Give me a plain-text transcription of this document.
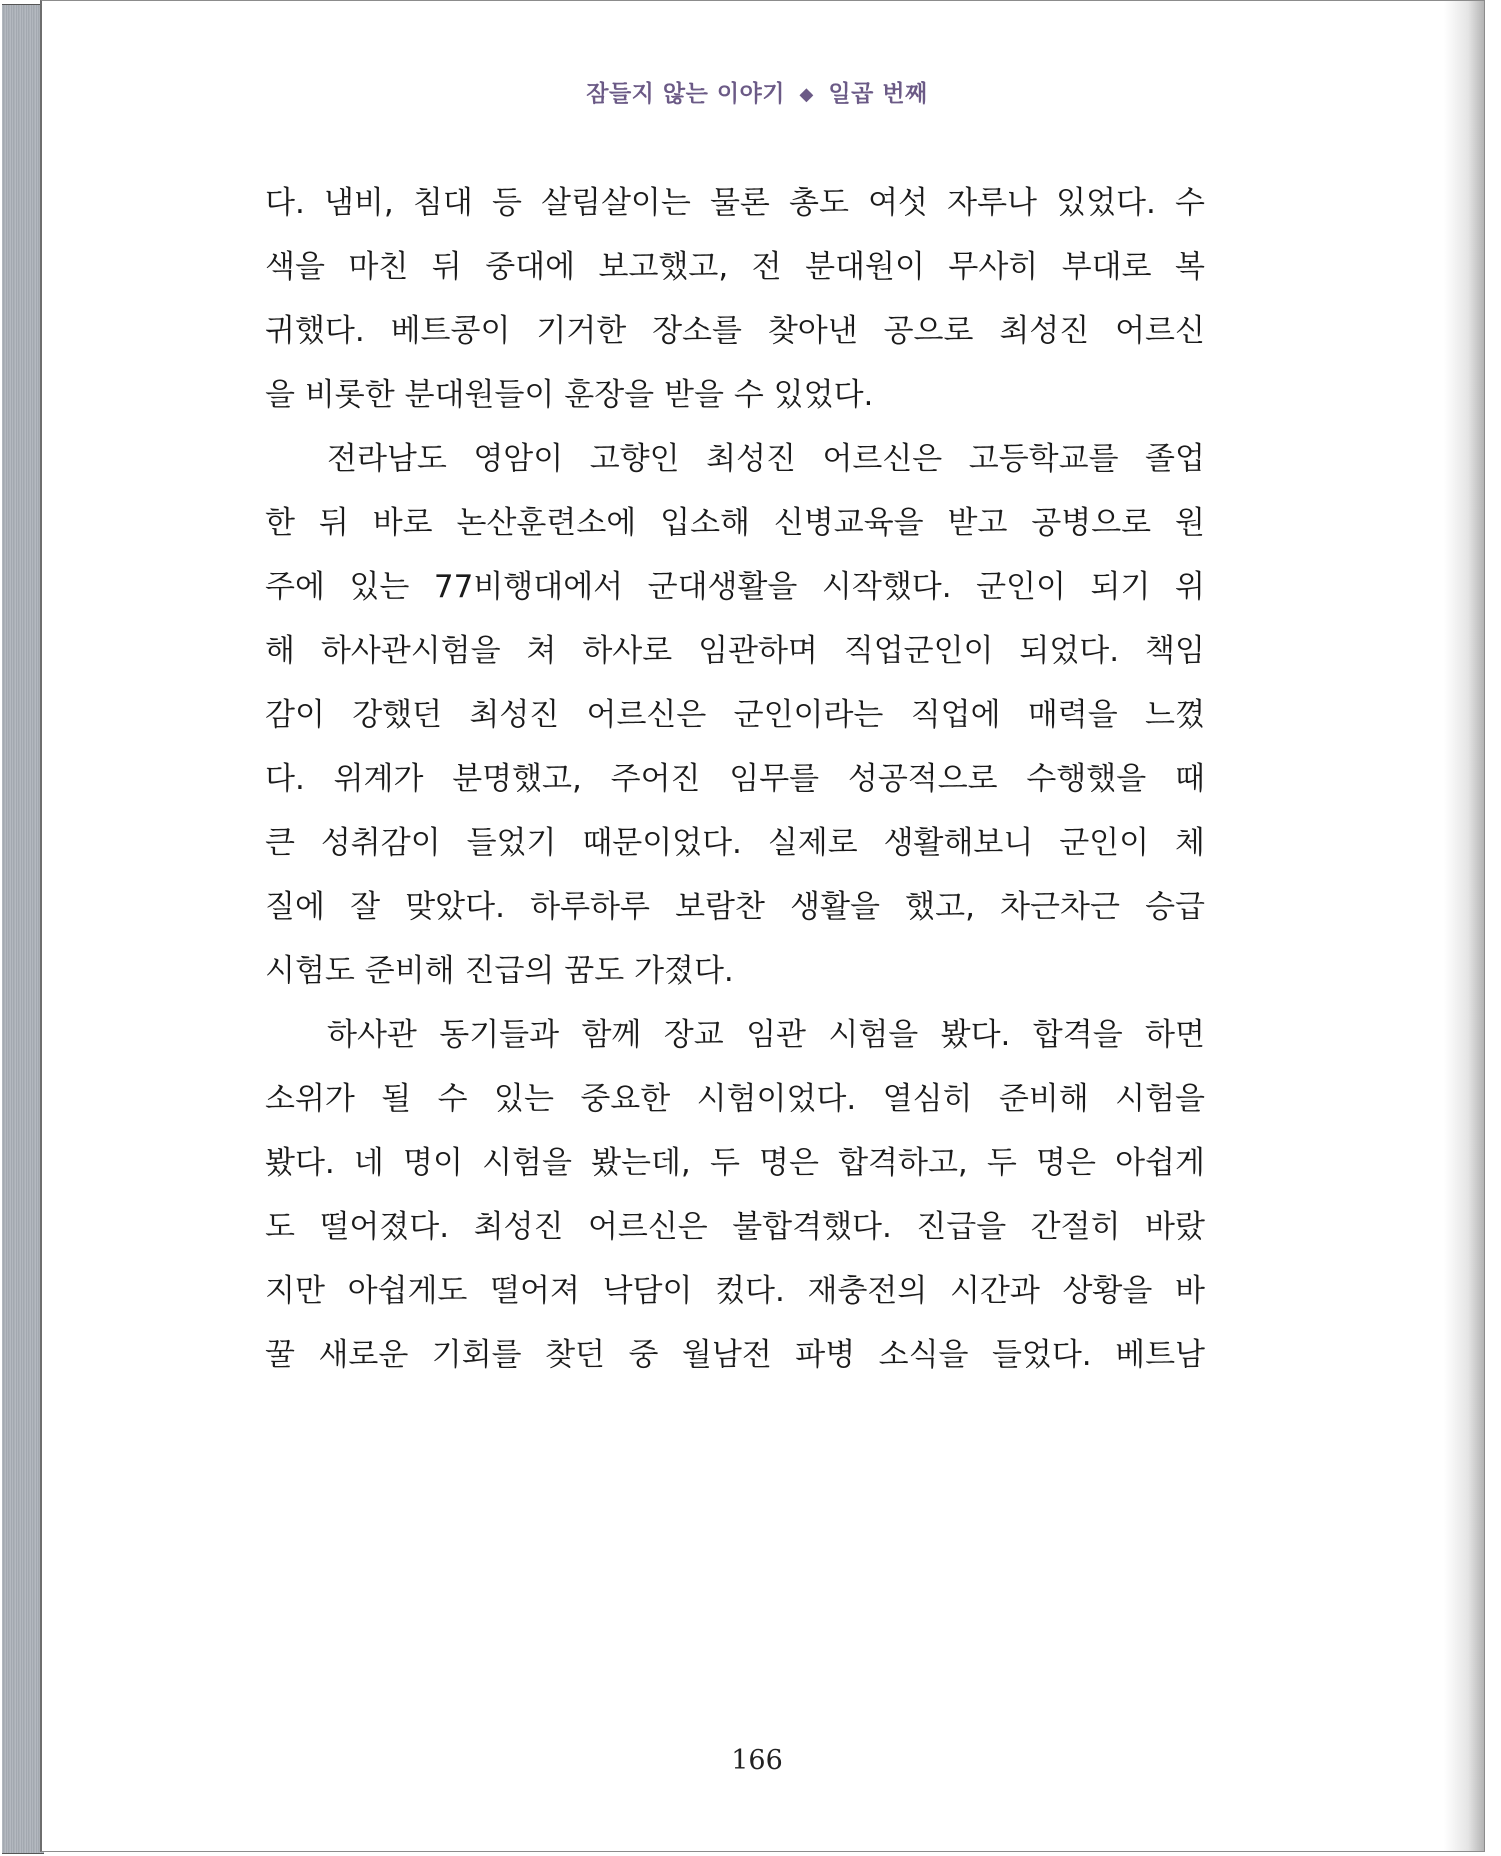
잠들지 않는 이야기 ◆ 일곱 번째
다. 냄비, 침대 등 살림살이는 물론 총도 여섯 자루나 있었다. 수
색을 마친 뒤 중대에 보고했고, 전 분대원이 무사히 부대로 복
귀했다. 베트콩이 기거한 장소를 찾아낸 공으로 최성진 어르신
을 비롯한 분대원들이 훈장을 받을 수 있었다.
전라남도 영암이 고향인 최성진 어르신은 고등학교를 졸업
한 뒤 바로 논산훈련소에 입소해 신병교육을 받고 공병으로 원
주에 있는 77비행대에서 군대생활을 시작했다. 군인이 되기 위
해 하사관시험을 쳐 하사로 임관하며 직업군인이 되었다. 책임
감이 강했던 최성진 어르신은 군인이라는 직업에 매력을 느꼈
다. 위계가 분명했고, 주어진 임무를 성공적으로 수행했을 때
큰 성취감이 들었기 때문이었다. 실제로 생활해보니 군인이 체
질에 잘 맞았다. 하루하루 보람찬 생활을 했고, 차근차근 승급
시험도 준비해 진급의 꿈도 가졌다.
하사관 동기들과 함께 장교 임관 시험을 봤다. 합격을 하면
소위가 될 수 있는 중요한 시험이었다. 열심히 준비해 시험을
봤다. 네 명이 시험을 봤는데, 두 명은 합격하고, 두 명은 아쉽게
도 떨어졌다. 최성진 어르신은 불합격했다. 진급을 간절히 바랐
지만 아쉽게도 떨어져 낙담이 컸다. 재충전의 시간과 상황을 바
꿀 새로운 기회를 찾던 중 월남전 파병 소식을 들었다. 베트남
166
